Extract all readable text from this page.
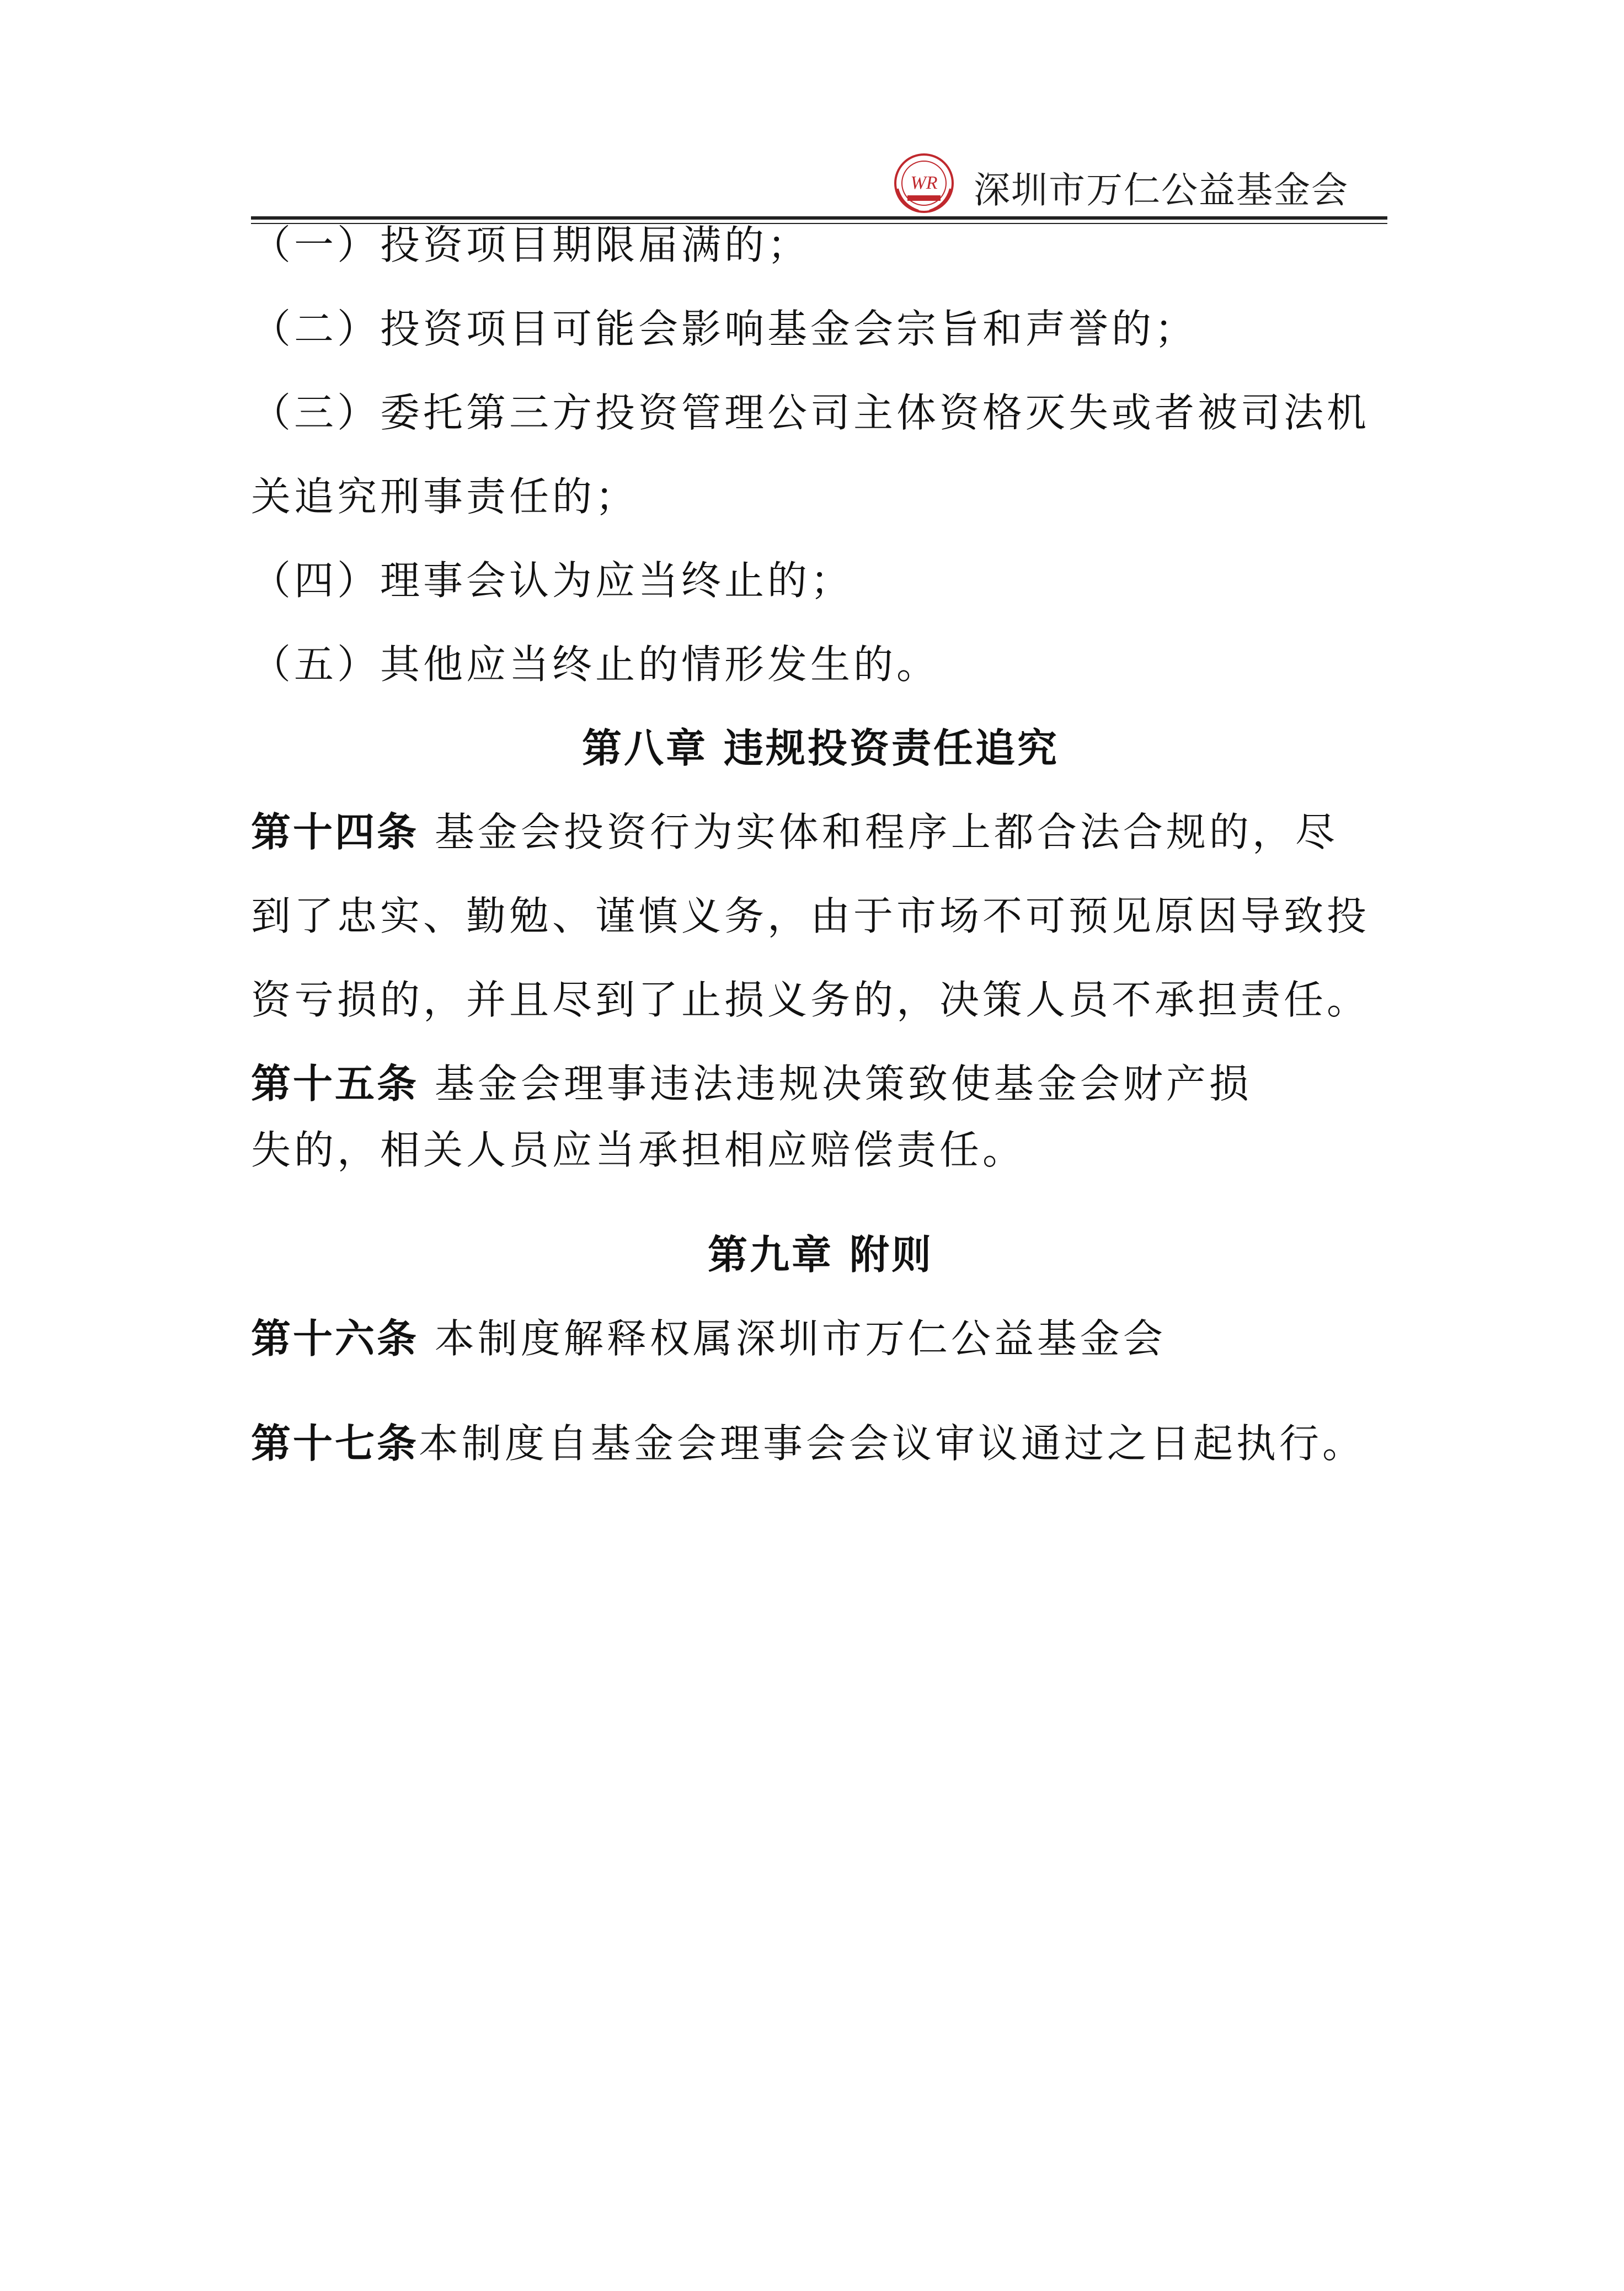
WR 深圳市万仁公益基金会
（一）投资项目期限届满的；
（二）投资项目可能会影响基金会宗旨和声誉的；
（三）委托第三方投资管理公司主体资格灭失或者被司法机
关追究刑事责任的；
（四）理事会认为应当终止的；
（五）其他应当终止的情形发生的。
第八章 违规投资责任追究
第十四条 基金会投资行为实体和程序上都合法合规的，尽
到了忠实、勤勉、谨慎义务，由于市场不可预见原因导致投
资亏损的，并且尽到了止损义务的，决策人员不承担责任。
第十五条 基金会理事违法违规决策致使基金会财产损
失的，相关人员应当承担相应赔偿责任。
第九章 附则
第十六条 本制度解释权属深圳市万仁公益基金会
第十七条本制度自基金会理事会会议审议通过之日起执行。
